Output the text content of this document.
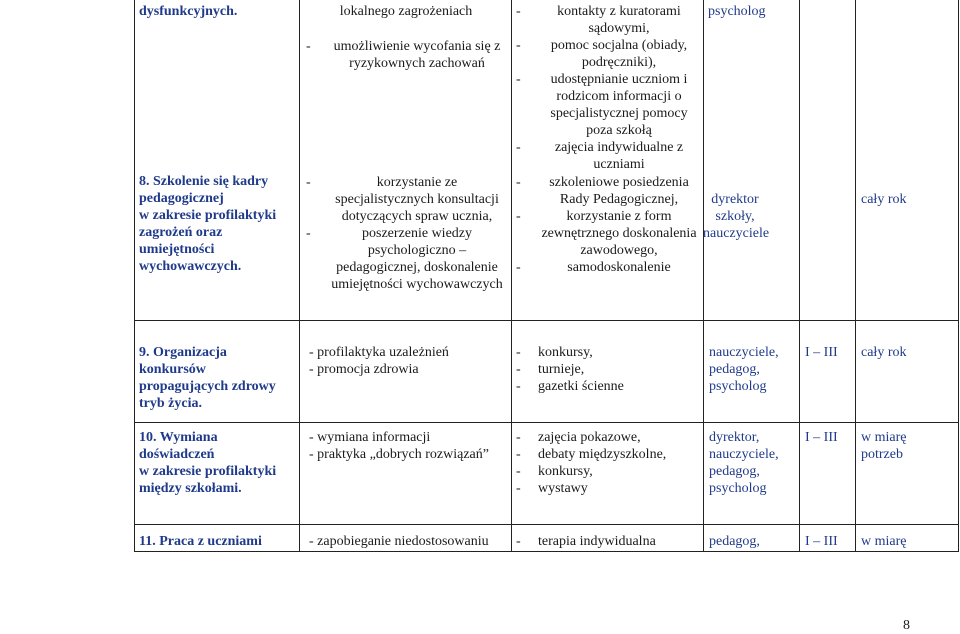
dysfunkcyjnych.
8. Szkolenie się kadry
pedagogicznej
w zakresie profilaktyki
zagrożeń oraz
umiejętności
wychowawczych.
lokalnego zagrożeniach
- umożliwienie wycofania się z ryzykownych zachowań
- korzystanie ze specjalistycznych konsultacji dotyczących spraw ucznia,
- poszerzenie wiedzy psychologiczno – pedagogicznej, doskonalenie umiejętności wychowawczych
- kontakty z kuratorami sądowymi,
- pomoc socjalna (obiady, podręczniki),
- udostępnianie uczniom i rodzicom informacji o specjalistycznej pomocy poza szkołą
- zajęcia indywidualne z uczniami
- szkoleniowe posiedzenia Rady Pedagogicznej,
- korzystanie z form zewnętrznego doskonalenia zawodowego,
- samodoskonalenie
psycholog
dyrektor
szkoły,
nauczyciele
cały rok
9. Organizacja
konkursów
propagujących zdrowy
tryb życia.
- profilaktyka uzależnień
- promocja zdrowia
- konkursy,
- turnieje,
- gazetki ścienne
nauczyciele,
pedagog,
psycholog
I – III	cały rok
10. Wymiana
doświadczeń
w zakresie profilaktyki
między szkołami.
- wymiana informacji
- praktyka „dobrych rozwiązań”
- zajęcia pokazowe,
- debaty międzyszkolne,
- konkursy,
- wystawy
dyrektor,
nauczyciele,
pedagog,
psycholog
I – III	w miarę
potrzeb
11. Praca z uczniami	- zapobieganie niedostosowaniu
-	terapia indywidualna	pedagog,	I – III	w miarę
8
